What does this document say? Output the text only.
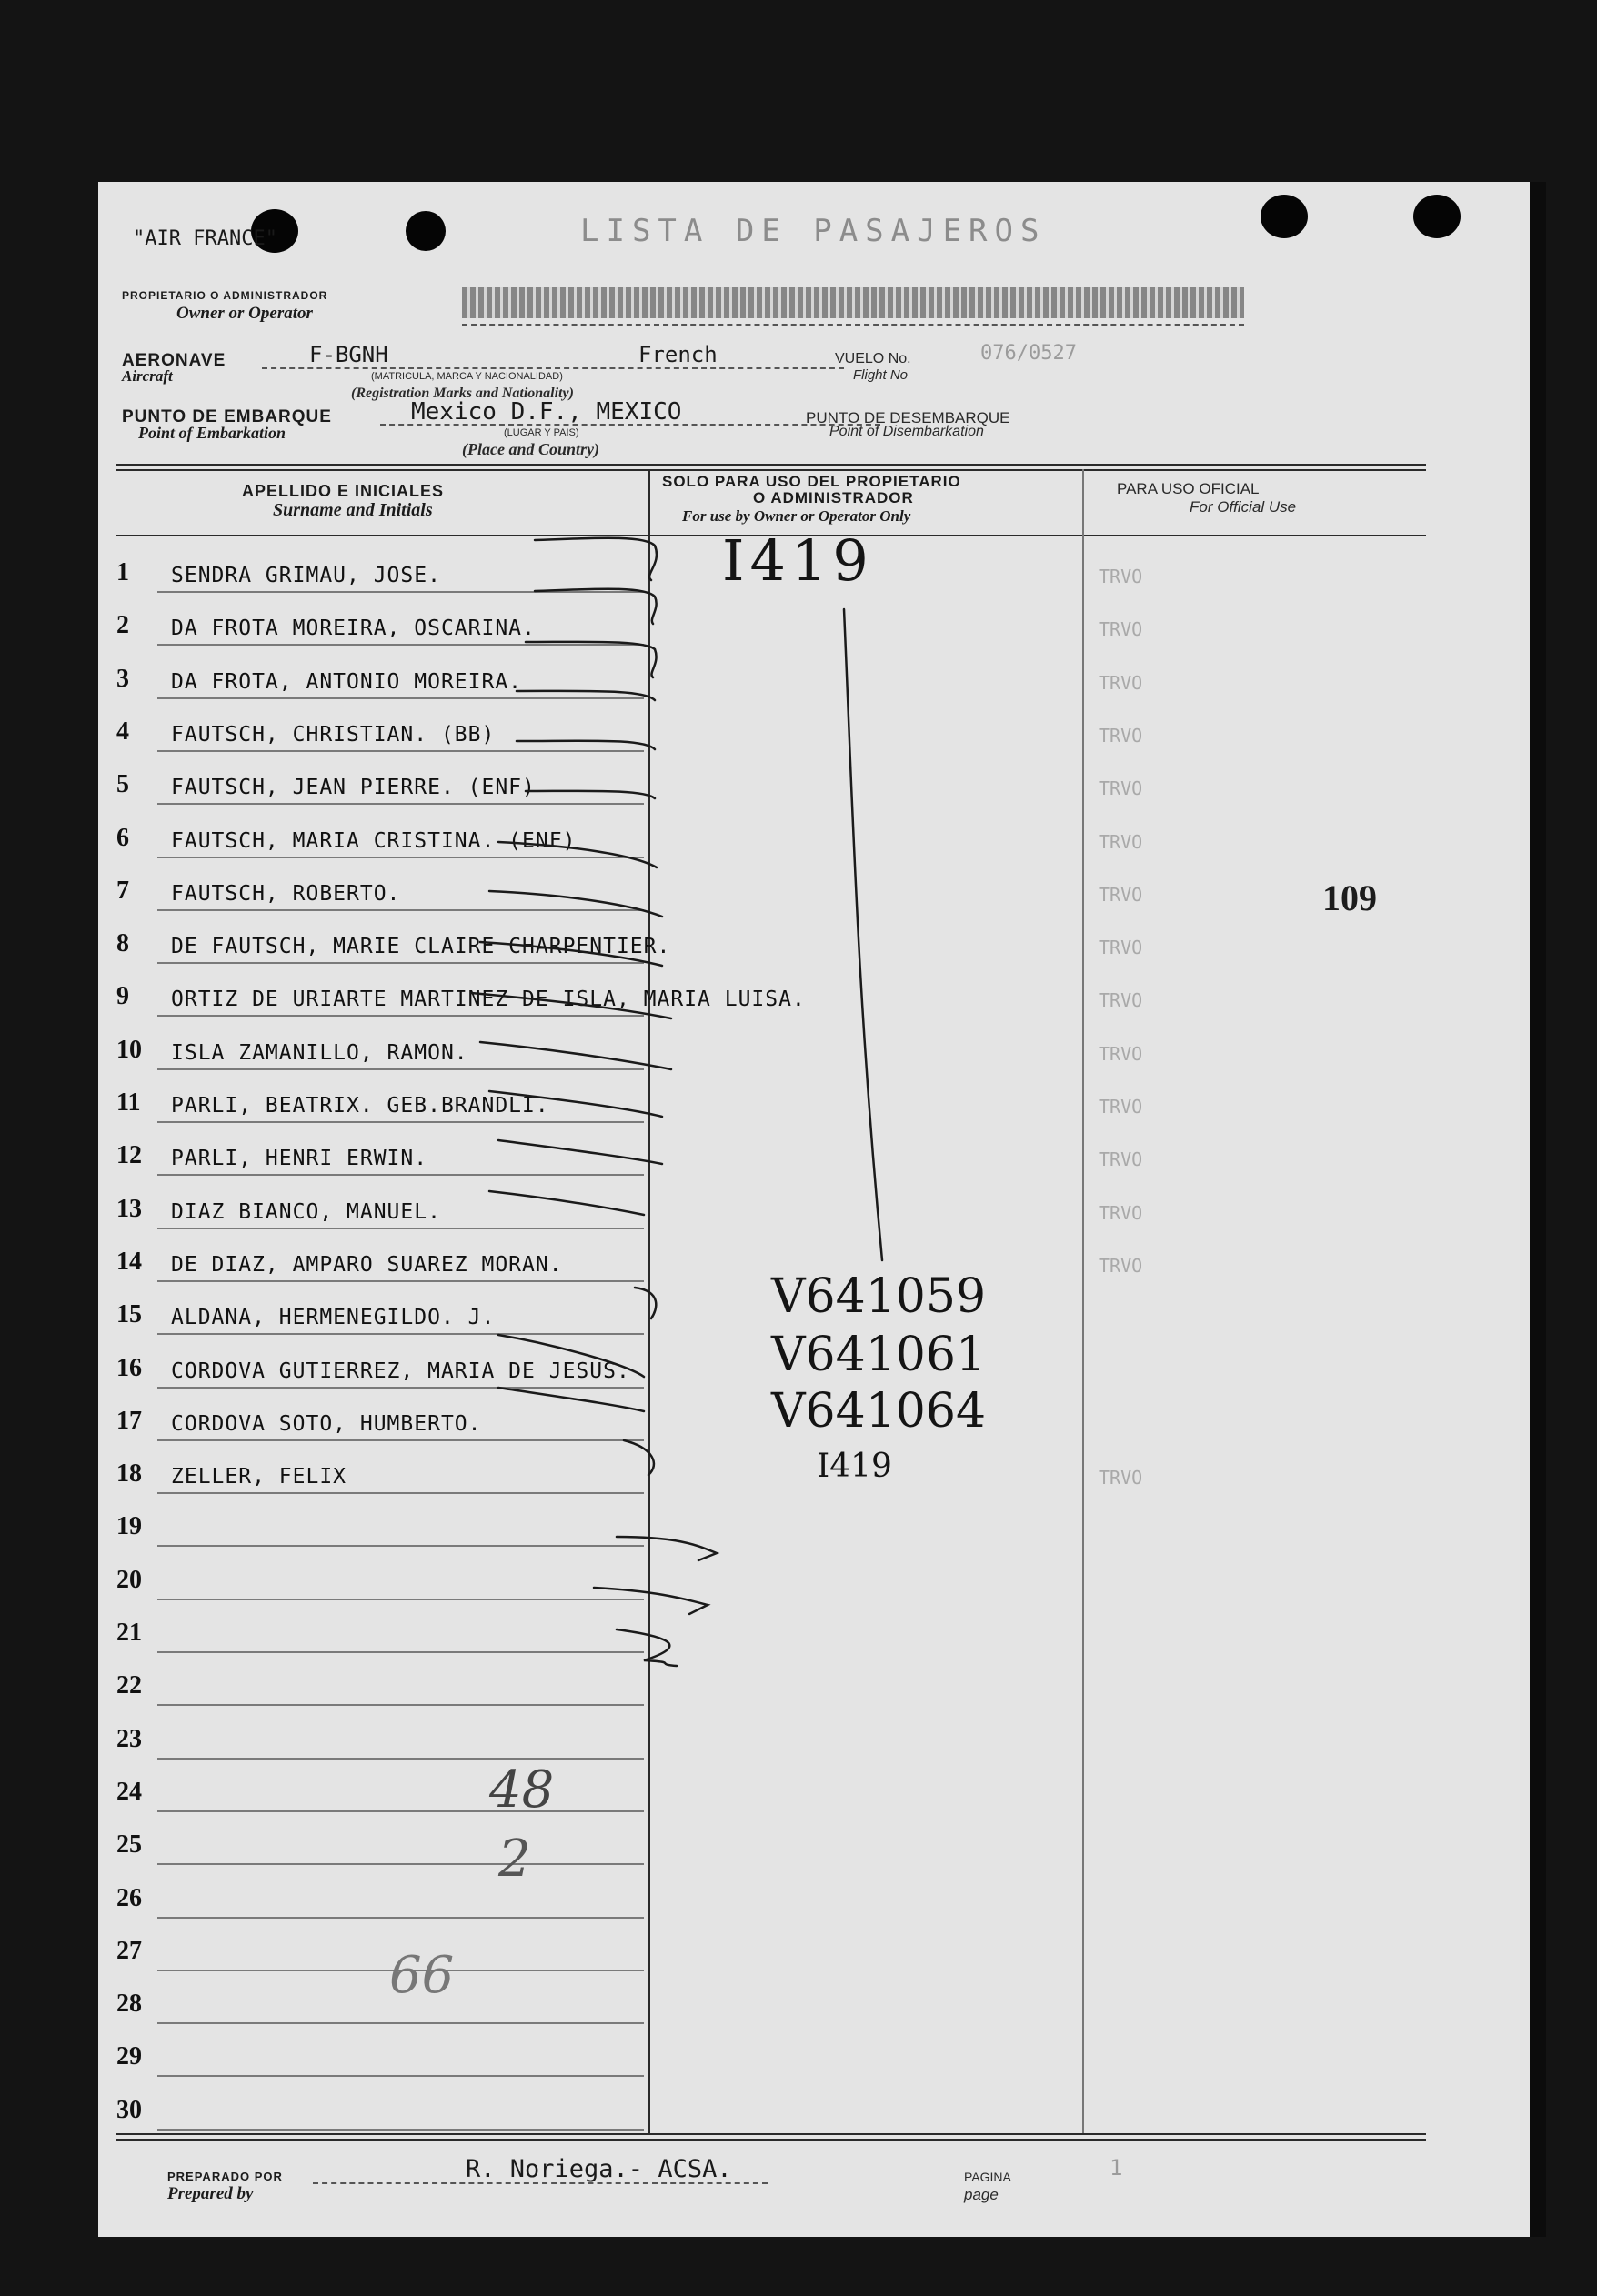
"AIR FRANCE"	LISTA DE PASAJEROS
PROPIETARIO O ADMINISTRADOR
Owner or Operator
AERONAVE
Aircraft
F-BGNH	French
(MATRICULA, MARCA Y NACIONALIDAD)
(Registration Marks and Nationality)
VUELO No.
Flight No
076/0527
PUNTO DE EMBARQUE
Point of Embarkation
Mexico D.F., MEXICO
(LUGAR Y PAIS)
(Place and Country)
PUNTO DE DESEMBARQUE
Point of Disembarkation
APELLIDO E INICIALES
Surname and Initials
SOLO PARA USO DEL PROPIETARIO
O ADMINISTRADOR
For use by Owner or Operator Only
PARA USO OFICIAL
For Official Use
1	SENDRA GRIMAU, JOSE.	TRVO
2	DA FROTA MOREIRA, OSCARINA.	TRVO
3	DA FROTA, ANTONIO MOREIRA.	TRVO
4	FAUTSCH, CHRISTIAN. (BB)	TRVO
5	FAUTSCH, JEAN PIERRE. (ENF)	TRVO
6	FAUTSCH, MARIA CRISTINA. (ENF)	TRVO
7	FAUTSCH, ROBERTO.	TRVO
8	DE FAUTSCH, MARIE CLAIRE CHARPENTIER.	TRVO
9	ORTIZ DE URIARTE MARTINEZ DE ISLA, MARIA LUISA.	TRVO
10	ISLA ZAMANILLO, RAMON.	TRVO
11	PARLI, BEATRIX. GEB.BRANDLI.	TRVO
12	PARLI, HENRI ERWIN.	TRVO
13	DIAZ BIANCO, MANUEL.	TRVO
14	DE DIAZ, AMPARO SUAREZ MORAN.	TRVO
15	ALDANA, HERMENEGILDO. J.
16	CORDOVA GUTIERREZ, MARIA DE JESUS.
17	CORDOVA SOTO, HUMBERTO.
18	ZELLER, FELIX	TRVO
19
20
21
22
23
24
25
26
27
28
29
30
I419
V641059
V641061
V641064
I419
48
2
66
109
PREPARADO POR
Prepared by
R. Noriega.- ACSA.	PAGINA
page
1
